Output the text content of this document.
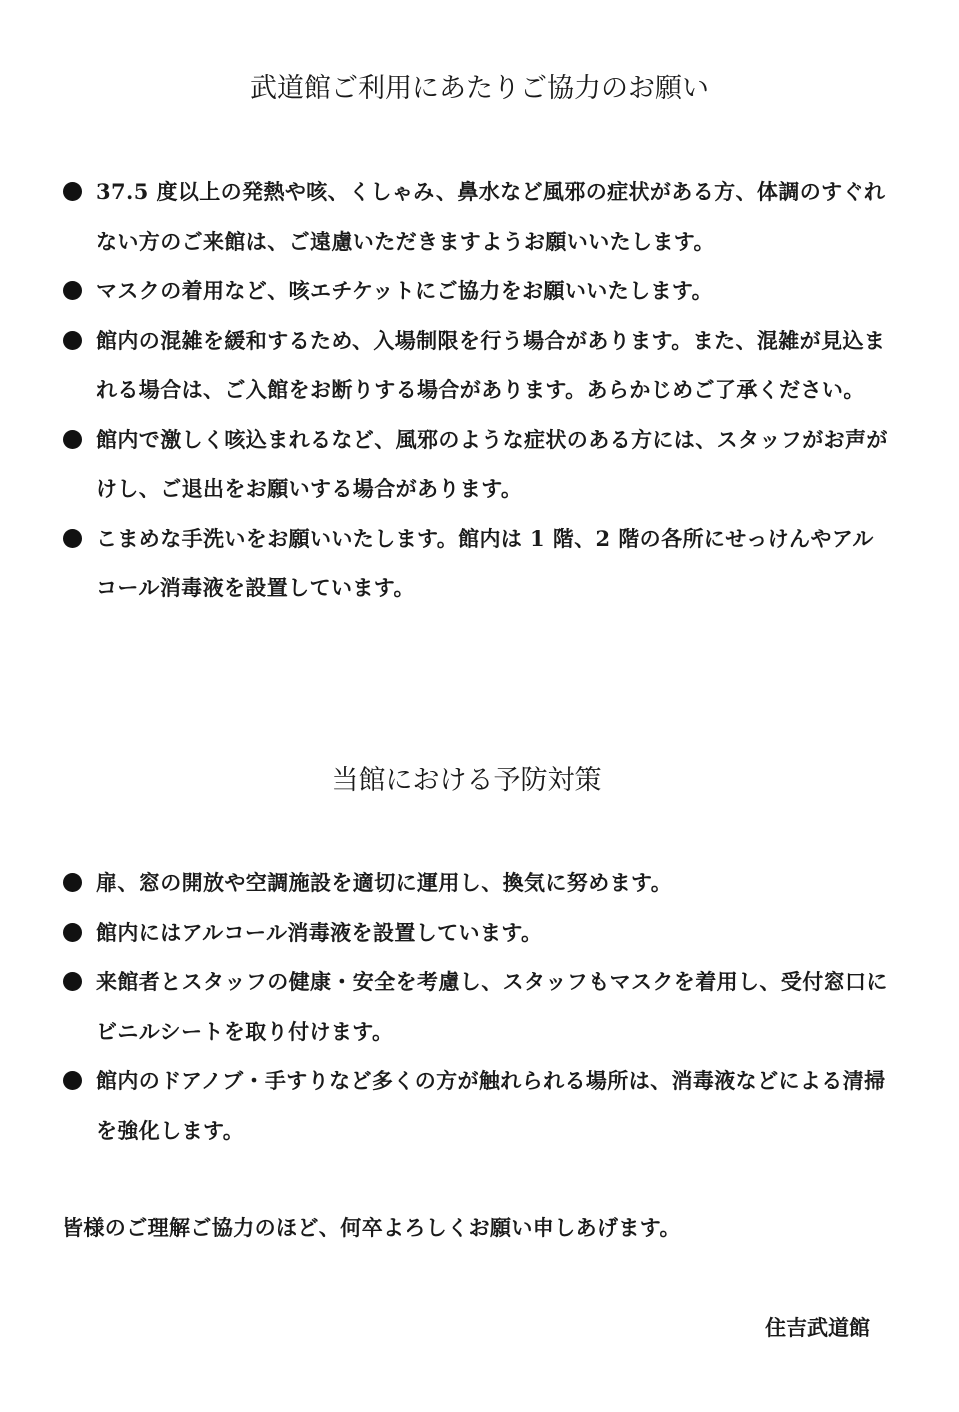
武道館ご利用にあたりご協力のお願い
37.5 度以上の発熱や咳、くしゃみ、鼻水など風邪の症状がある方、体調のすぐれない方のご来館は、ご遠慮いただきますようお願いいたします。
マスクの着用など、咳エチケットにご協力をお願いいたします。
館内の混雑を緩和するため、入場制限を行う場合があります。また、混雑が見込まれる場合は、ご入館をお断りする場合があります。あらかじめご了承ください。
館内で激しく咳込まれるなど、風邪のような症状のある方には、スタッフがお声がけし、ご退出をお願いする場合があります。
こまめな手洗いをお願いいたします。館内は 1 階、2 階の各所にせっけんやアルコール消毒液を設置しています。
当館における予防対策
扉、窓の開放や空調施設を適切に運用し、換気に努めます。
館内にはアルコール消毒液を設置しています。
来館者とスタッフの健康・安全を考慮し、スタッフもマスクを着用し、受付窓口にビニルシートを取り付けます。
館内のドアノブ・手すりなど多くの方が触れられる場所は、消毒液などによる清掃を強化します。

皆様のご理解ご協力のほど、何卒よろしくお願い申しあげます。

住吉武道館
